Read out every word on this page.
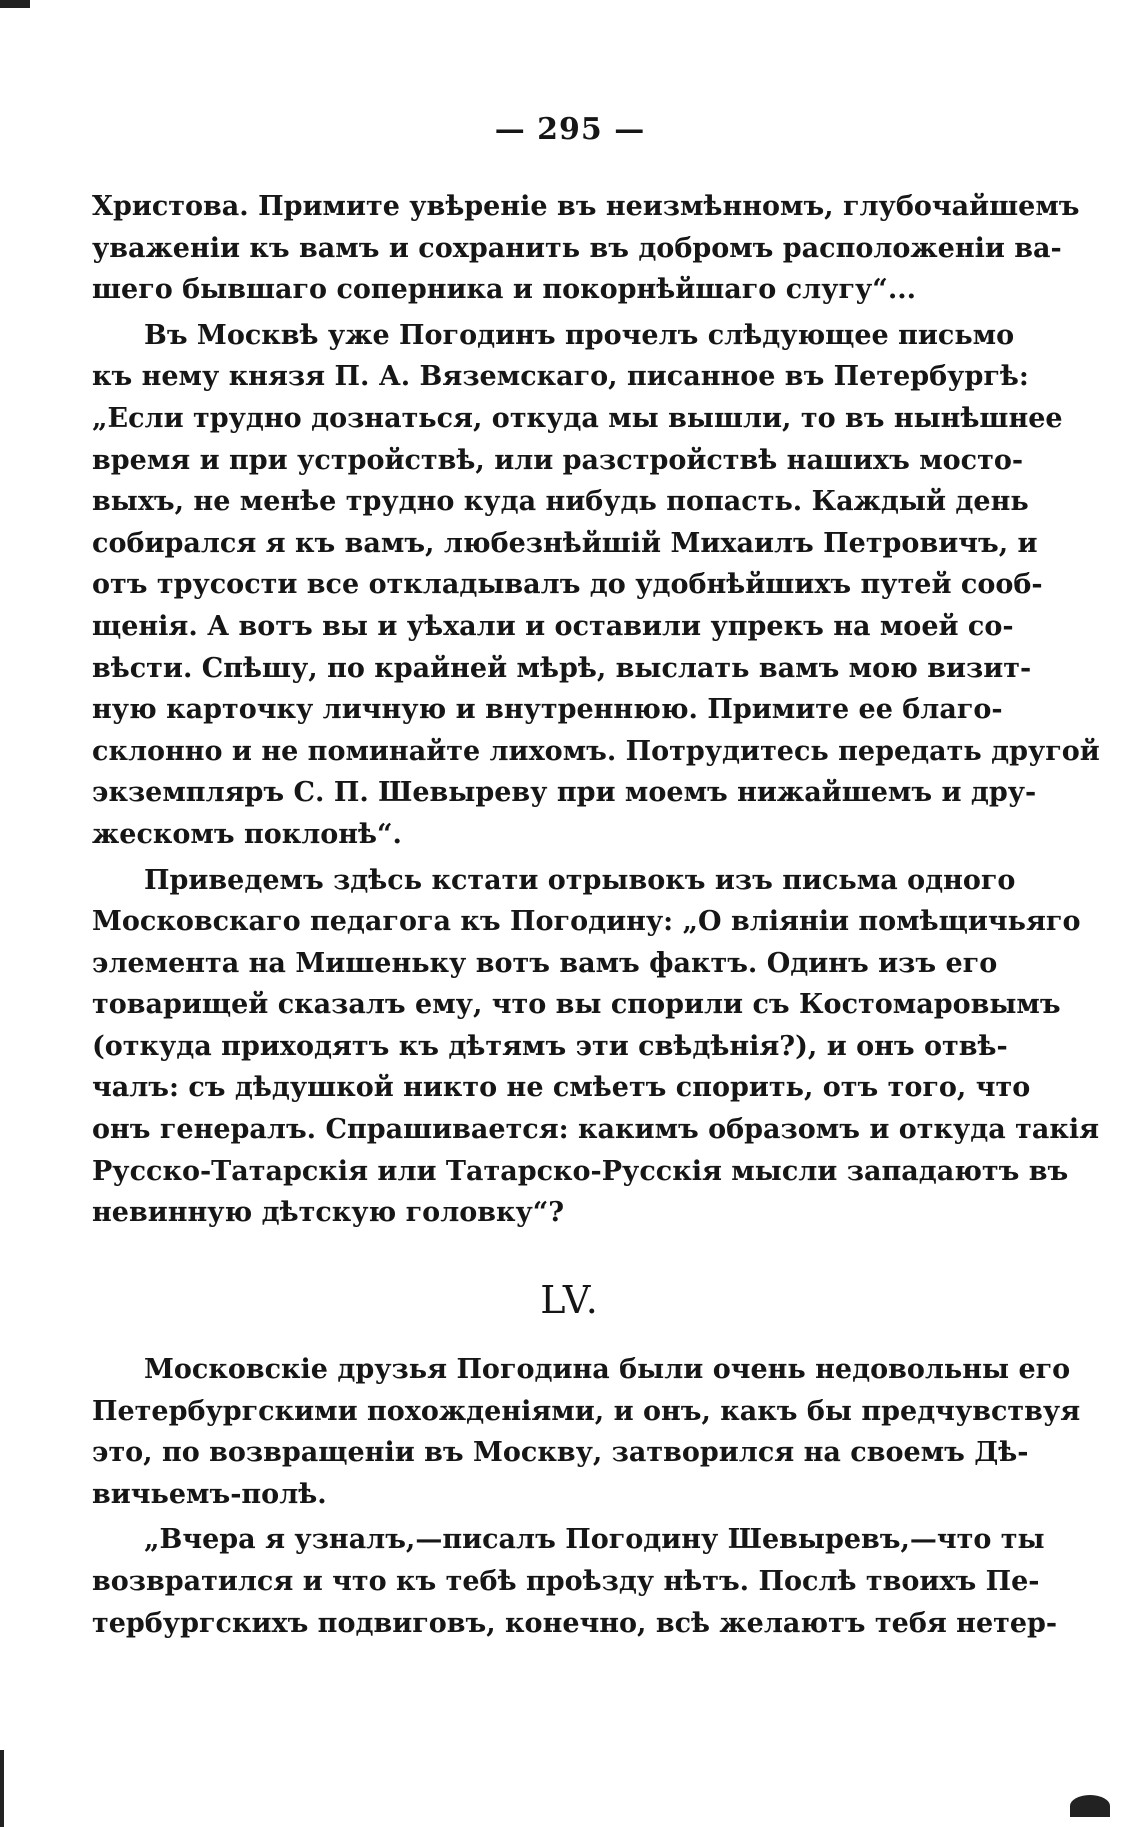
— 295 —
Христова. Примите увѣреніе въ неизмѣнномъ, глубочайшемъ
уваженіи къ вамъ и сохранить въ добромъ расположеніи ва-
шего бывшаго соперника и покорнѣйшаго слугу“...
Въ Москвѣ уже Погодинъ прочелъ слѣдующее письмо
къ нему князя П. А. Вяземскаго, писанное въ Петербургѣ:
„Если трудно дознаться, откуда мы вышли, то въ нынѣшнее
время и при устройствѣ, или разстройствѣ нашихъ мосто-
выхъ, не менѣе трудно куда нибудь попасть. Каждый день
собирался я къ вамъ, любезнѣйшій Михаилъ Петровичъ, и
отъ трусости все откладывалъ до удобнѣйшихъ путей сооб-
щенія. А вотъ вы и уѣхали и оставили упрекъ на моей со-
вѣсти. Спѣшу, по крайней мѣрѣ, выслать вамъ мою визит-
ную карточку личную и внутреннюю. Примите ее благо-
склонно и не поминайте лихомъ. Потрудитесь передать другой
экземпляръ С. П. Шевыреву при моемъ нижайшемъ и дру-
жескомъ поклонѣ“.
Приведемъ здѣсь кстати отрывокъ изъ письма одного
Московскаго педагога къ Погодину: „О вліяніи помѣщичьяго
элемента на Мишеньку вотъ вамъ фактъ. Одинъ изъ его
товарищей сказалъ ему, что вы спорили съ Костомаровымъ
(откуда приходятъ къ дѣтямъ эти свѣдѣнія?), и онъ отвѣ-
чалъ: съ дѣдушкой никто не смѣетъ спорить, отъ того, что
онъ генералъ. Спрашивается: какимъ образомъ и откуда такія
Русско-Татарскія или Татарско-Русскія мысли западаютъ въ
невинную дѣтскую головку“?
LV.
Московскіе друзья Погодина были очень недовольны его
Петербургскими похожденіями, и онъ, какъ бы предчувствуя
это, по возвращеніи въ Москву, затворился на своемъ Дѣ-
вичьемъ-полѣ.
„Вчера я узналъ,—писалъ Погодину Шевыревъ,—что ты
возвратился и что къ тебѣ проѣзду нѣтъ. Послѣ твоихъ Пе-
тербургскихъ подвиговъ, конечно, всѣ желаютъ тебя нетер-
